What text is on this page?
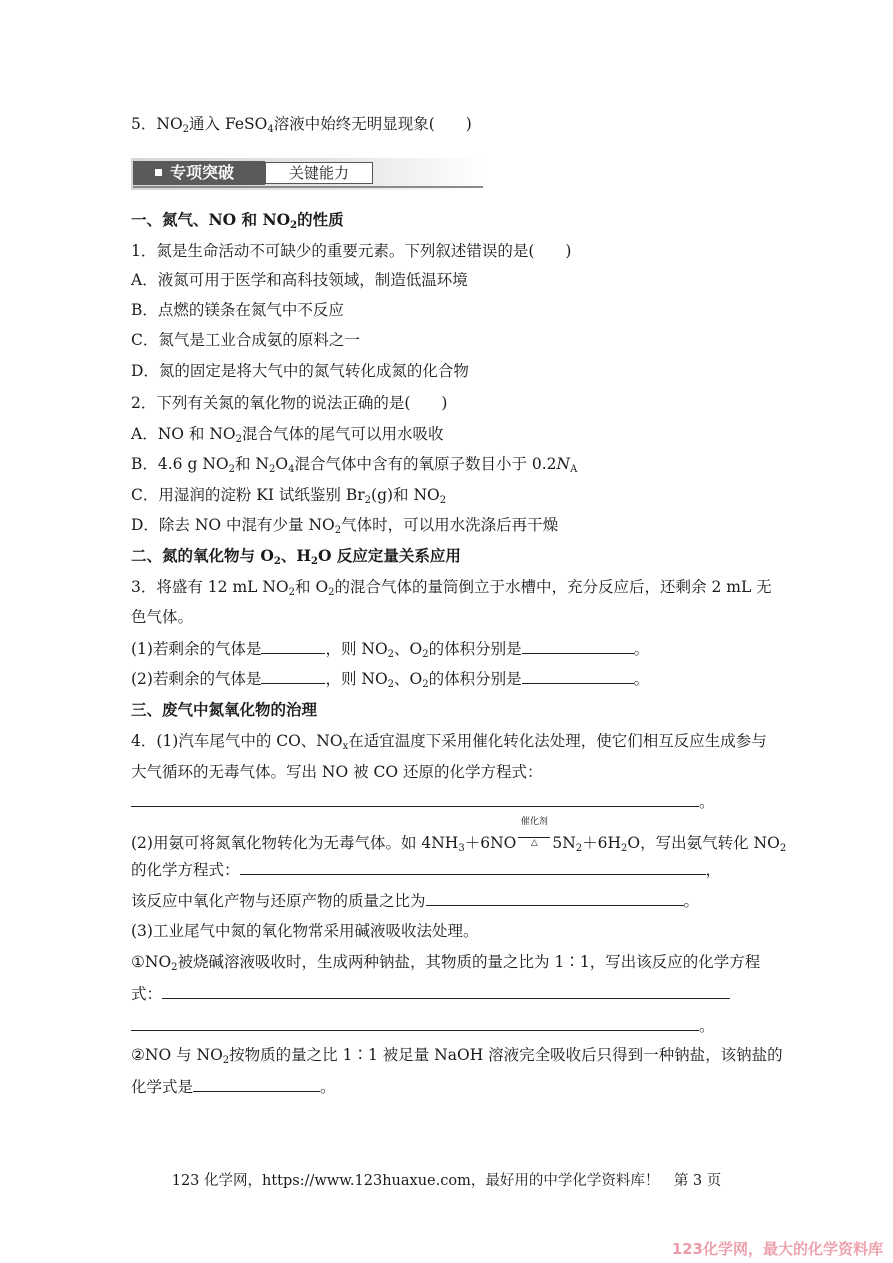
5．$NO_2$通入 FeSO$_4$溶液中始终无明显现象(　　)
专项突破	关键能力
一、氮气、NO 和 $NO_2$的性质
1．氮是生命活动不可缺少的重要元素。下列叙述错误的是(　　)
A．液氮可用于医学和高科技领域，制造低温环境
B．点燃的镁条在氮气中不反应
C．氮气是工业合成氨的原料之一
D．氮的固定是将大气中的氮气转化成氮的化合物
2．下列有关氮的氧化物的说法正确的是(　　)
A．NO 和 $NO_2$混合气体的尾气可以用水吸收
B．4.6 g $NO_2$和 $N_2O_4$混合气体中含有的氧原子数目小于 $0.2N_A$
C．用湿润的淀粉 KI 试纸鉴别 $Br_2(g)$和 $NO_2$
D．除去 NO 中混有少量 $NO_2$气体时，可以用水洗涤后再干燥
二、氮的氧化物与 $O_2$、$H_2O$ 反应定量关系应用
3．将盛有 12 mL $NO_2$和 $O_2$的混合气体的量筒倒立于水槽中，充分反应后，还剩余 2 mL 无
色气体。
(1)若剩余的气体是	，则 $NO_2$、$O_2$的体积分别是	。
(2)若剩余的气体是	，则 $NO_2$、$O_2$的体积分别是	。
三、废气中氮氧化物的治理
4．(1)汽车尾气中的 CO、$NO_x$在适宜温度下采用催化转化法处理，使它们相互反应生成参与
大气循环的无毒气体。写出 NO 被 CO 还原的化学方程式：
。
(2)用氨可将氮氧化物转化为无毒气体。如 $4NH_3+6NO \frac{\text{催化剂}}{\triangle} 5N_2+6H_2O$，写出氨气转化 $NO_2$
的化学方程式：	，
该反应中氧化产物与还原产物的质量之比为	。
(3)工业尾气中氮的氧化物常采用碱液吸收法处理。
$①NO_2$被烧碱溶液吸收时，生成两种钠盐，其物质的量之比为 1∶1，写出该反应的化学方程
式：
。
②NO 与 $NO_2$按物质的量之比 1∶1 被足量 NaOH 溶液完全吸收后只得到一种钠盐，该钠盐的
化学式是	。
123 化学网，https://www.123huaxue.com，最好用的中学化学资料库！　第 3 页
123化学网，最大的化学资料库
